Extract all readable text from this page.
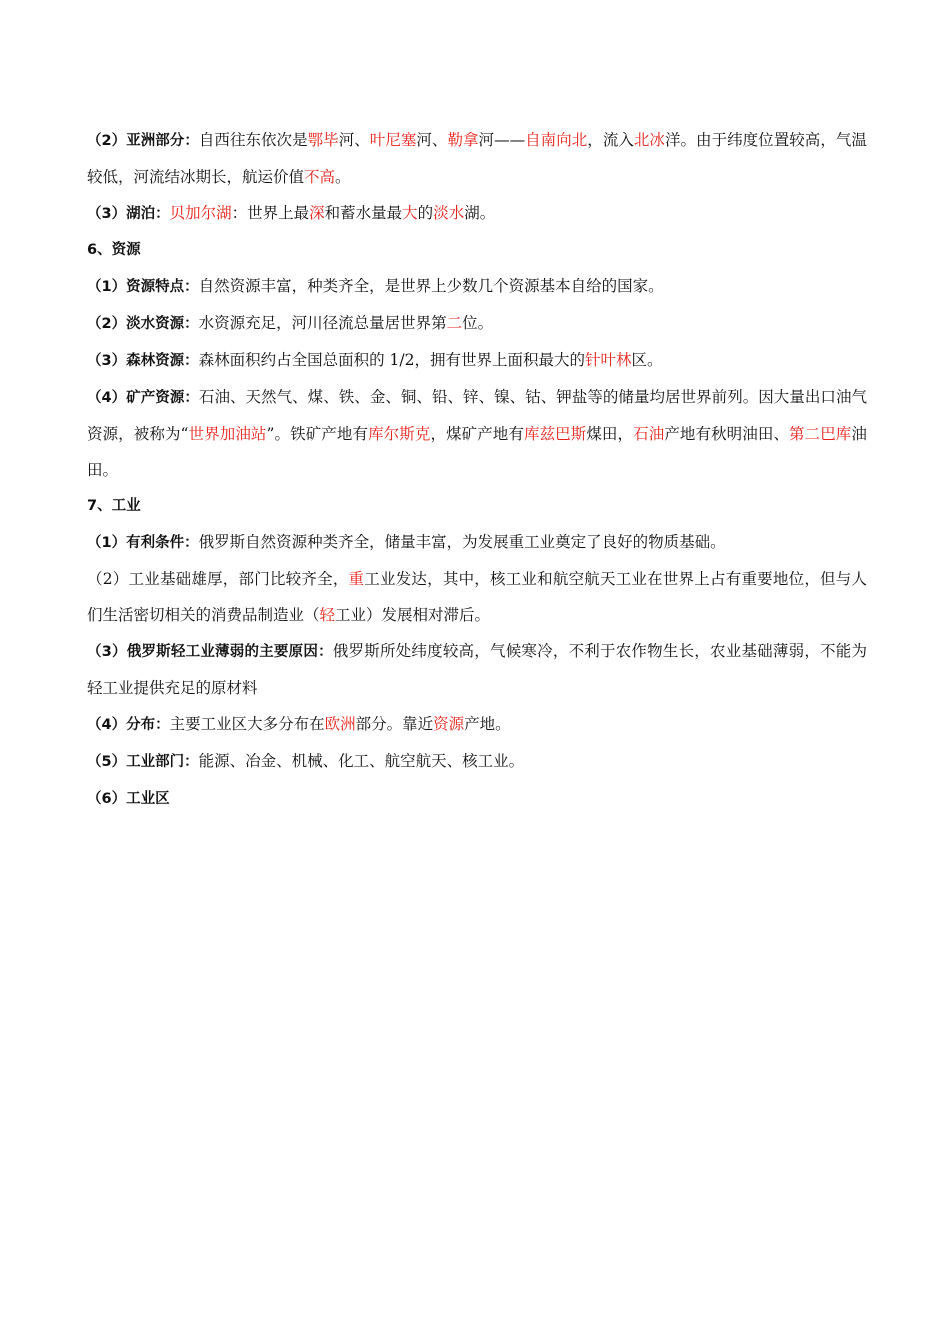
（2）亚洲部分：自西往东依次是鄂毕河、叶尼塞河、勒拿河——自南向北，流入北冰洋。由于纬度位置较高，气温较低，河流结冰期长，航运价值不高。

（3）湖泊：贝加尔湖：世界上最深和蓄水量最大的淡水湖。

6、资源

（1）资源特点：自然资源丰富，种类齐全，是世界上少数几个资源基本自给的国家。

（2）淡水资源：水资源充足，河川径流总量居世界第二位。

（3）森林资源：森林面积约占全国总面积的 1/2，拥有世界上面积最大的针叶林区。

（4）矿产资源：石油、天然气、煤、铁、金、铜、铅、锌、镍、钴、钾盐等的储量均居世界前列。因大量出口油气资源，被称为“世界加油站”。铁矿产地有库尔斯克，煤矿产地有库兹巴斯煤田，石油产地有秋明油田、第二巴库油田。

7、工业

（1）有利条件：俄罗斯自然资源种类齐全，储量丰富，为发展重工业奠定了良好的物质基础。

（2）工业基础雄厚，部门比较齐全，重工业发达，其中，核工业和航空航天工业在世界上占有重要地位，但与人们生活密切相关的消费品制造业（轻工业）发展相对滞后。

（3）俄罗斯轻工业薄弱的主要原因：俄罗斯所处纬度较高，气候寒冷，不利于农作物生长，农业基础薄弱，不能为轻工业提供充足的原材料

（4）分布：主要工业区大多分布在欧洲部分。靠近资源产地。

（5）工业部门：能源、冶金、机械、化工、航空航天、核工业。

（6）工业区
